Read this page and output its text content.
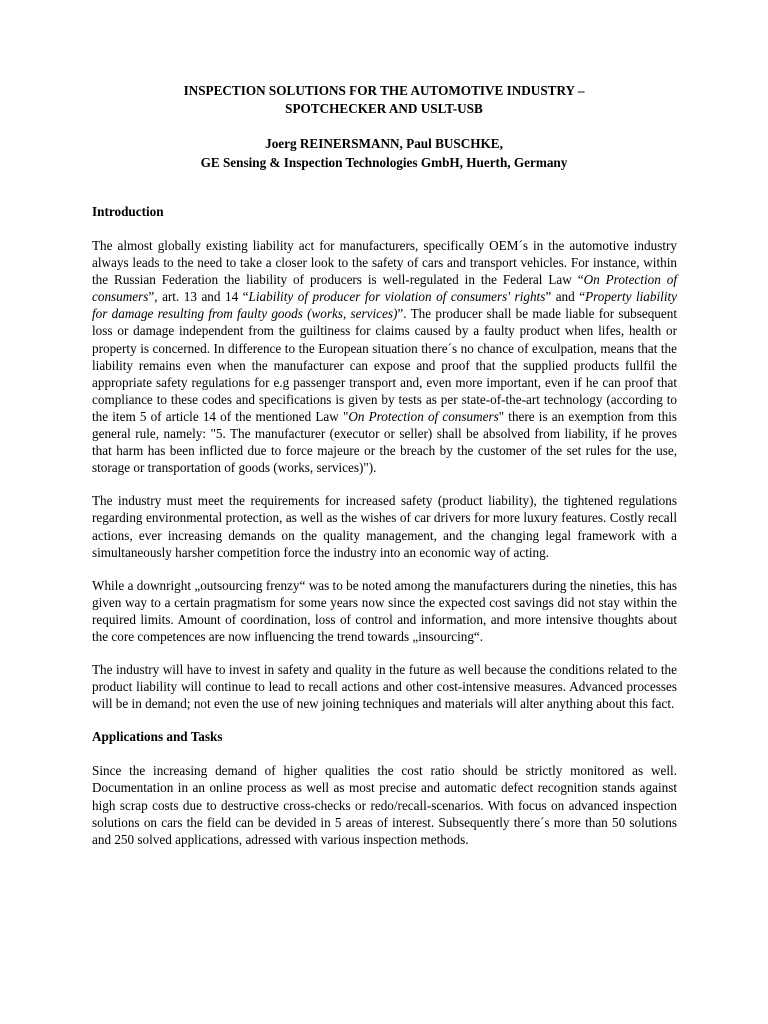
INSPECTION SOLUTIONS FOR THE AUTOMOTIVE INDUSTRY –
SPOTCHECKER AND USLT-USB
Joerg REINERSMANN, Paul BUSCHKE,
GE Sensing & Inspection Technologies GmbH, Huerth, Germany
Introduction

The almost globally existing liability act for manufacturers, specifically OEM´s in the automotive industry always leads to the need to take a closer look to the safety of cars and transport vehicles. For instance, within the Russian Federation the liability of producers is well-regulated in the Federal Law “On Protection of consumers”, art. 13 and 14 “Liability of producer for violation of consumers' rights” and “Property liability for damage resulting from faulty goods (works, services)”. The producer shall be made liable for subsequent loss or damage independent from the guiltiness for claims caused by a faulty product when lifes, health or property is concerned. In difference to the European situation there´s no chance of exculpation, means that the liability remains even when the manufacturer can expose and proof that the supplied products fullfil the appropriate safety regulations for e.g passenger transport and, even more important, even if he can proof that compliance to these codes and specifications is given by tests as per state-of-the-art technology (according to the item 5 of article 14 of the mentioned Law "On Protection of consumers" there is an exemption from this general rule, namely: "5. The manufacturer (executor or seller) shall be absolved from liability, if he proves that harm has been inflicted due to force majeure or the breach by the customer of the set rules for the use, storage or transportation of goods (works, services)").

The industry must meet the requirements for increased safety (product liability), the tightened regulations regarding environmental protection, as well as the wishes of car drivers for more luxury features. Costly recall actions, ever increasing demands on the quality management, and the changing legal framework with a simultaneously harsher competition force the industry into an economic way of acting.

While a downright „outsourcing frenzy“ was to be noted among the manufacturers during the nineties, this has given way to a certain pragmatism for some years now since the expected cost savings did not stay within the required limits. Amount of coordination, loss of control and information, and more intensive thoughts about the core competences are now influencing the trend towards „insourcing“.

The industry will have to invest in safety and quality in the future as well because the conditions related to the product liability will continue to lead to recall actions and other cost-intensive measures. Advanced processes will be in demand; not even the use of new joining techniques and materials will alter anything about this fact.

Applications and Tasks

Since the increasing demand of higher qualities the cost ratio should be strictly monitored as well. Documentation in an online process as well as most precise and automatic defect recognition stands against high scrap costs due to destructive cross-checks or redo/recall-scenarios. With focus on advanced inspection solutions on cars the field can be devided in 5 areas of interest. Subsequently there´s more than 50 solutions and 250 solved applications, adressed with various inspection methods.
